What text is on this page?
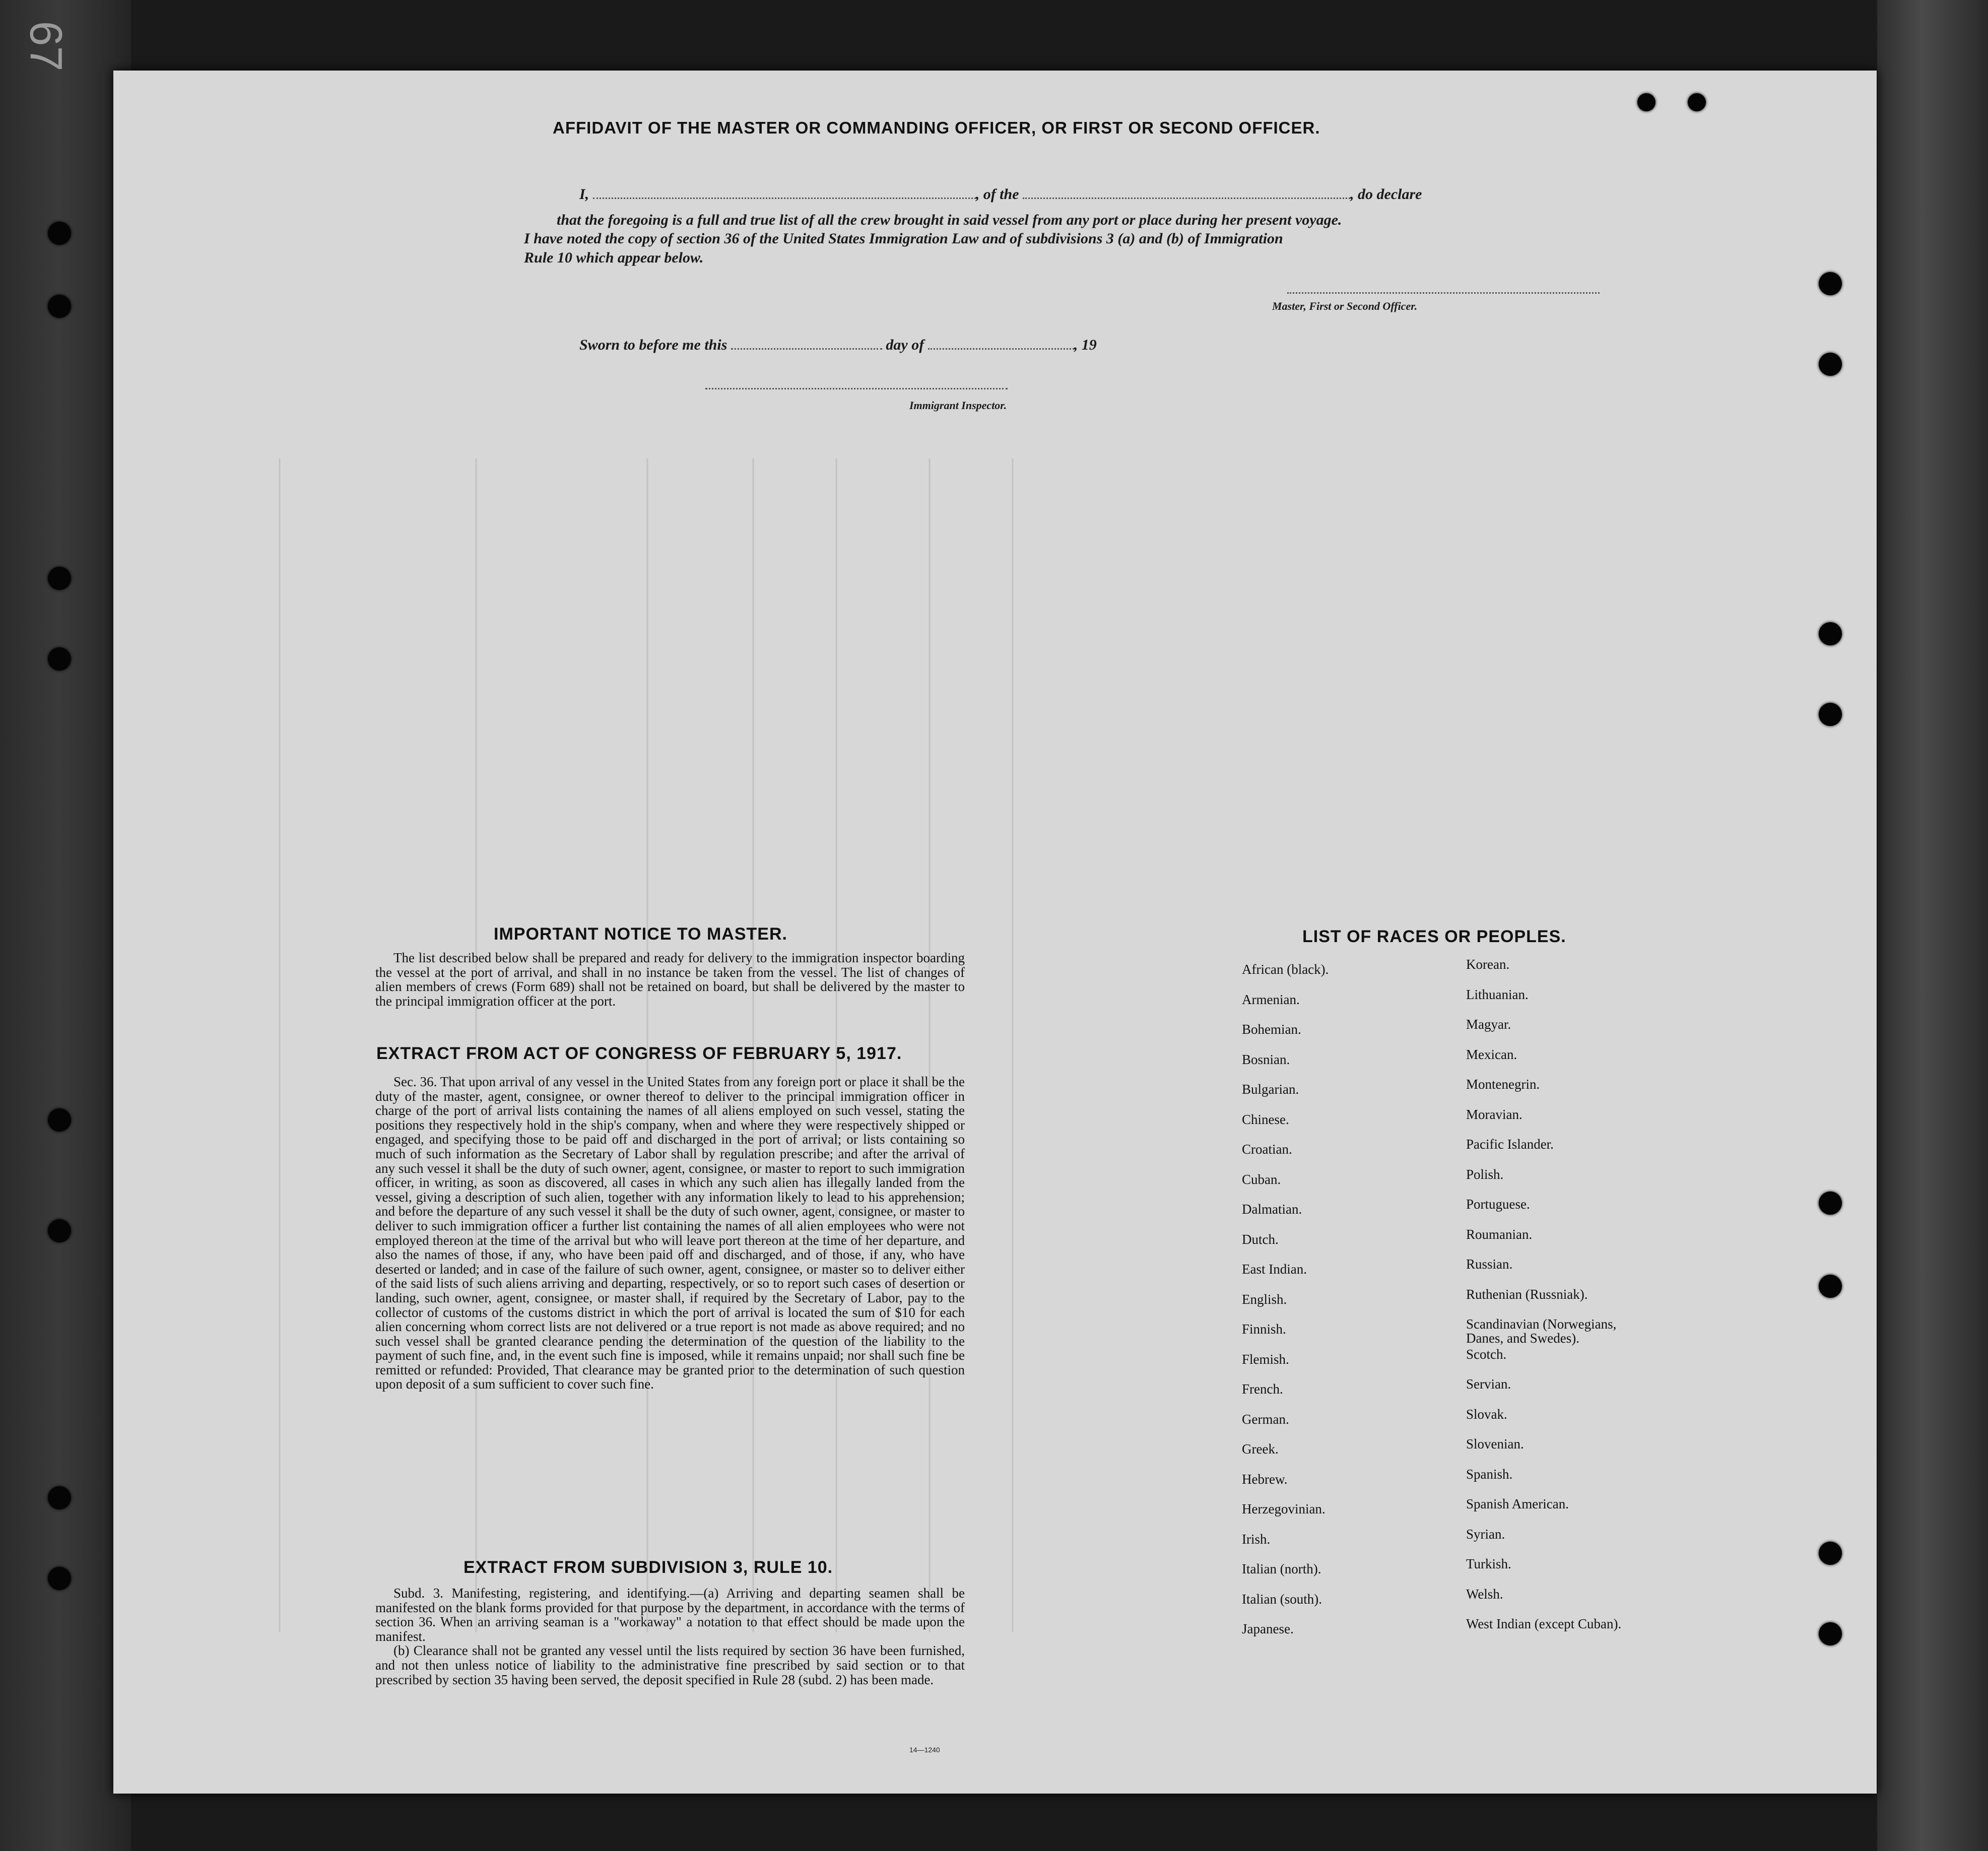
67
AFFIDAVIT OF THE MASTER OR COMMANDING OFFICER, OR FIRST OR SECOND OFFICER.
I,	, of the	, do declare
that the foregoing is a full and true list of all the crew brought in said vessel from any port or place during her present voyage.
I have noted the copy of section 36 of the United States Immigration Law and of subdivisions 3 (a) and (b) of Immigration
Rule 10 which appear below.
Master, First or Second Officer.
Sworn to before me this	day of	, 19
Immigrant Inspector.
IMPORTANT NOTICE TO MASTER.

The list described below shall be prepared and ready for delivery to the immigration inspector boarding the vessel at the port of arrival, and shall in no instance be taken from the vessel. The list of changes of alien members of crews (Form 689) shall not be retained on board, but shall be delivered by the master to the principal immigration officer at the port.

EXTRACT FROM ACT OF CONGRESS OF FEBRUARY 5, 1917.

Sec. 36. That upon arrival of any vessel in the United States from any foreign port or place it shall be the duty of the master, agent, consignee, or owner thereof to deliver to the principal immigration officer in charge of the port of arrival lists containing the names of all aliens employed on such vessel, stating the positions they respectively hold in the ship's company, when and where they were respectively shipped or engaged, and specifying those to be paid off and discharged in the port of arrival; or lists containing so much of such information as the Secretary of Labor shall by regulation prescribe; and after the arrival of any such vessel it shall be the duty of such owner, agent, consignee, or master to report to such immigration officer, in writing, as soon as discovered, all cases in which any such alien has illegally landed from the vessel, giving a description of such alien, together with any information likely to lead to his apprehension; and before the departure of any such vessel it shall be the duty of such owner, agent, consignee, or master to deliver to such immigration officer a further list containing the names of all alien employees who were not employed thereon at the time of the arrival but who will leave port thereon at the time of her departure, and also the names of those, if any, who have been paid off and discharged, and of those, if any, who have deserted or landed; and in case of the failure of such owner, agent, consignee, or master so to deliver either of the said lists of such aliens arriving and departing, respectively, or so to report such cases of desertion or landing, such owner, agent, consignee, or master shall, if required by the Secretary of Labor, pay to the collector of customs of the customs district in which the port of arrival is located the sum of $10 for each alien concerning whom correct lists are not delivered or a true report is not made as above required; and no such vessel shall be granted clearance pending the determination of the question of the liability to the payment of such fine, and, in the event such fine is imposed, while it remains unpaid; nor shall such fine be remitted or refunded: Provided, That clearance may be granted prior to the determination of such question upon deposit of a sum sufficient to cover such fine.

EXTRACT FROM SUBDIVISION 3, RULE 10.

Subd. 3. Manifesting, registering, and identifying.—(a) Arriving and departing seamen shall be manifested on the blank forms provided for that purpose by the department, in accordance with the terms of section 36. When an arriving seaman is a "workaway" a notation to that effect should be made upon the manifest.

(b) Clearance shall not be granted any vessel until the lists required by section 36 have been furnished, and not then unless notice of liability to the administrative fine prescribed by said section or to that prescribed by section 35 having been served, the deposit specified in Rule 28 (subd. 2) has been made.

14—1240
LIST OF RACES OR PEOPLES.
African (black).
Armenian.
Bohemian.
Bosnian.
Bulgarian.
Chinese.
Croatian.
Cuban.
Dalmatian.
Dutch.
East Indian.
English.
Finnish.
Flemish.
French.
German.
Greek.
Hebrew.
Herzegovinian.
Irish.
Italian (north).
Italian (south).
Japanese.
Korean.
Lithuanian.
Magyar.
Mexican.
Montenegrin.
Moravian.
Pacific Islander.
Polish.
Portuguese.
Roumanian.
Russian.
Ruthenian (Russniak).
Scandinavian (Norwegians,
Danes, and Swedes).
Scotch.
Servian.
Slovak.
Slovenian.
Spanish.
Spanish American.
Syrian.
Turkish.
Welsh.
West Indian (except Cuban).
